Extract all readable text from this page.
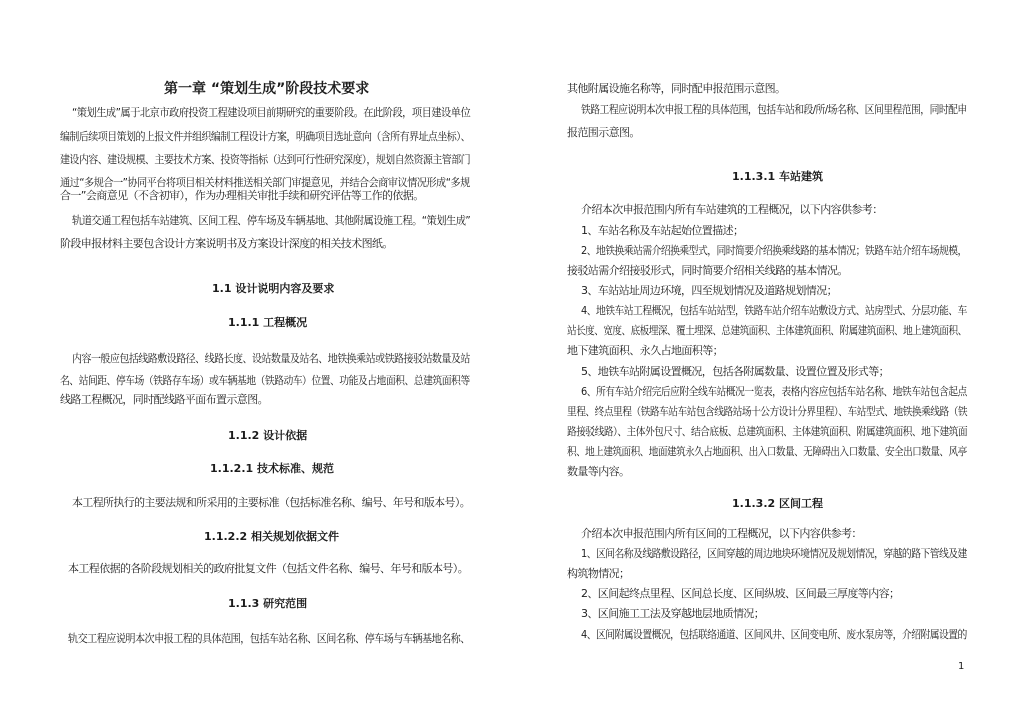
第一章 “策划生成”阶段技术要求
“策划生成”属于北京市政府投资工程建设项目前期研究的重要阶段。在此阶段，项目建设单位
编制后续项目策划的上报文件并组织编制工程设计方案，明确项目选址意向（含所有界址点坐标）、
建设内容、建设规模、主要技术方案、投资等指标（达到可行性研究深度），规划自然资源主管部门
通过“多规合一”协同平台将项目相关材料推送相关部门审提意见，并结合会商审议情况形成“多规
合一”会商意见（不含初审），作为办理相关审批手续和研究评估等工作的依据。
轨道交通工程包括车站建筑、区间工程、停车场及车辆基地、其他附属设施工程。“策划生成”
阶段申报材料主要包含设计方案说明书及方案设计深度的相关技术图纸。
1.1 设计说明内容及要求
1.1.1 工程概况
内容一般应包括线路敷设路径、线路长度、设站数量及站名、地铁换乘站或铁路接驳站数量及站
名、站间距、停车场（铁路存车场）或车辆基地（铁路动车）位置、功能及占地面积、总建筑面积等
线路工程概况，同时配线路平面布置示意图。
1.1.2 设计依据
1.1.2.1 技术标准、规范
本工程所执行的主要法规和所采用的主要标准（包括标准名称、编号、年号和版本号）。
1.1.2.2 相关规划依据文件
本工程依据的各阶段规划相关的政府批复文件（包括文件名称、编号、年号和版本号）。
1.1.3 研究范围
轨交工程应说明本次申报工程的具体范围，包括车站名称、区间名称、停车场与车辆基地名称、
其他附属设施名称等，同时配申报范围示意图。
铁路工程应说明本次申报工程的具体范围，包括车站和段/所/场名称、区间里程范围，同时配申
报范围示意图。
1.1.3.1 车站建筑
介绍本次申报范围内所有车站建筑的工程概况，以下内容供参考：
1、车站名称及车站起始位置描述；
2、地铁换乘站需介绍换乘型式，同时简要介绍换乘线路的基本情况；铁路车站介绍车场规模，
接驳站需介绍接驳形式，同时简要介绍相关线路的基本情况。
3、车站站址周边环境，四至规划情况及道路规划情况；
4、地铁车站工程概况，包括车站站型，铁路车站介绍车站敷设方式、站房型式、分层功能、车
站长度、宽度、底板埋深、覆土埋深、总建筑面积、主体建筑面积、附属建筑面积、地上建筑面积、
地下建筑面积、永久占地面积等；
5、地铁车站附属设置概况，包括各附属数量、设置位置及形式等；
6、所有车站介绍完后应附全线车站概况一览表，表格内容应包括车站名称、地铁车站包含起点
里程、终点里程（铁路车站车站包含线路站场十公方设计分界里程）、车站型式、地铁换乘线路（铁
路接驳线路）、主体外包尺寸、结合底板、总建筑面积、主体建筑面积、附属建筑面积、地下建筑面
积、地上建筑面积、地面建筑永久占地面积、出入口数量、无障碍出入口数量、安全出口数量、风亭
数量等内容。
1.1.3.2 区间工程
介绍本次申报范围内所有区间的工程概况，以下内容供参考：
1、区间名称及线路敷设路径，区间穿越的周边地块环境情况及规划情况，穿越的路下管线及建
构筑物情况；
2、区间起终点里程、区间总长度、区间纵坡、区间最三厚度等内容；
3、区间施工工法及穿越地层地质情况；
4、区间附属设置概况，包括联络通道、区间风井、区间变电所、废水泵房等，介绍附属设置的
1
